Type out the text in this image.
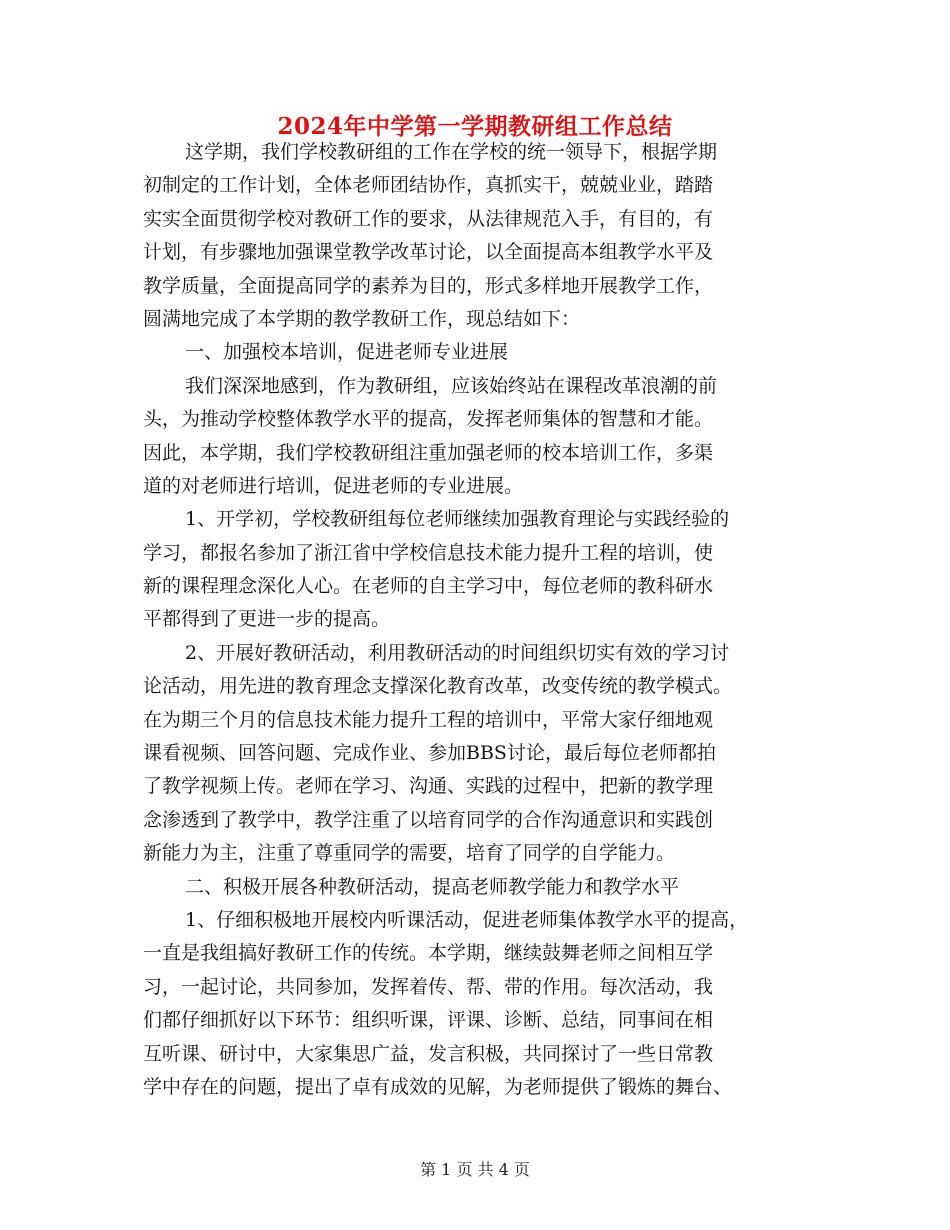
2024年中学第一学期教研组工作总结
这学期，我们学校教研组的工作在学校的统一领导下，根据学期
初制定的工作计划，全体老师团结协作，真抓实干，兢兢业业，踏踏
实实全面贯彻学校对教研工作的要求，从法律规范入手，有目的，有
计划，有步骤地加强课堂教学改革讨论，以全面提高本组教学水平及
教学质量，全面提高同学的素养为目的，形式多样地开展教学工作，
圆满地完成了本学期的教学教研工作，现总结如下：
一、加强校本培训，促进老师专业进展
我们深深地感到，作为教研组，应该始终站在课程改革浪潮的前
头，为推动学校整体教学水平的提高，发挥老师集体的智慧和才能。
因此，本学期，我们学校教研组注重加强老师的校本培训工作，多渠
道的对老师进行培训，促进老师的专业进展。
1、开学初，学校教研组每位老师继续加强教育理论与实践经验的
学习，都报名参加了浙江省中学校信息技术能力提升工程的培训，使
新的课程理念深化人心。在老师的自主学习中，每位老师的教科研水
平都得到了更进一步的提高。
2、开展好教研活动，利用教研活动的时间组织切实有效的学习讨
论活动，用先进的教育理念支撑深化教育改革，改变传统的教学模式。
在为期三个月的信息技术能力提升工程的培训中，平常大家仔细地观
课看视频、回答问题、完成作业、参加BBS讨论，最后每位老师都拍
了教学视频上传。老师在学习、沟通、实践的过程中，把新的教学理
念渗透到了教学中，教学注重了以培育同学的合作沟通意识和实践创
新能力为主，注重了尊重同学的需要，培育了同学的自学能力。
二、积极开展各种教研活动，提高老师教学能力和教学水平
1、仔细积极地开展校内听课活动，促进老师集体教学水平的提高，
一直是我组搞好教研工作的传统。本学期，继续鼓舞老师之间相互学
习，一起讨论，共同参加，发挥着传、帮、带的作用。每次活动，我
们都仔细抓好以下环节：组织听课，评课、诊断、总结，同事间在相
互听课、研讨中，大家集思广益，发言积极，共同探讨了一些日常教
学中存在的问题，提出了卓有成效的见解，为老师提供了锻炼的舞台、
第 1 页 共 4 页
